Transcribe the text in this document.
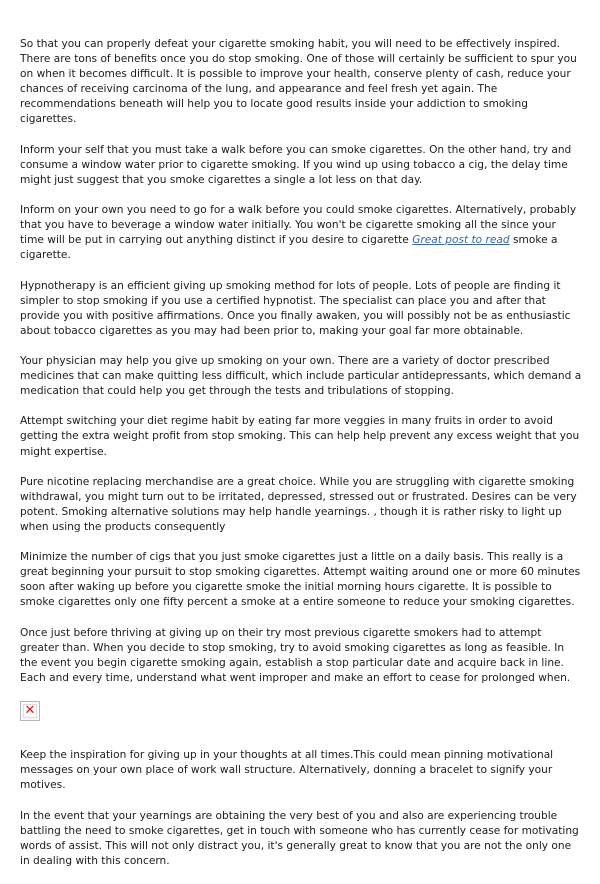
So that you can properly defeat your cigarette smoking habit, you will need to be effectively inspired. There are tons of benefits once you do stop smoking. One of those will certainly be sufficient to spur you on when it becomes difficult. It is possible to improve your health, conserve plenty of cash, reduce your chances of receiving carcinoma of the lung, and appearance and feel fresh yet again. The recommendations beneath will help you to locate good results inside your addiction to smoking cigarettes.

Inform your self that you must take a walk before you can smoke cigarettes. On the other hand, try and consume a window water prior to cigarette smoking. If you wind up using tobacco a cig, the delay time might just suggest that you smoke cigarettes a single a lot less on that day.

Inform on your own you need to go for a walk before you could smoke cigarettes. Alternatively, probably that you have to beverage a window water initially. You won't be cigarette smoking all the since your time will be put in carrying out anything distinct if you desire to cigarette Great post to read smoke a cigarette.

Hypnotherapy is an efficient giving up smoking method for lots of people. Lots of people are finding it simpler to stop smoking if you use a certified hypnotist. The specialist can place you and after that provide you with positive affirmations. Once you finally awaken, you will possibly not be as enthusiastic about tobacco cigarettes as you may had been prior to, making your goal far more obtainable.

Your physician may help you give up smoking on your own. There are a variety of doctor prescribed medicines that can make quitting less difficult, which include particular antidepressants, which demand a medication that could help you get through the tests and tribulations of stopping.

Attempt switching your diet regime habit by eating far more veggies in many fruits in order to avoid getting the extra weight profit from stop smoking. This can help help prevent any excess weight that you might expertise.

Pure nicotine replacing merchandise are a great choice. While you are struggling with cigarette smoking withdrawal, you might turn out to be irritated, depressed, stressed out or frustrated. Desires can be very potent. Smoking alternative solutions may help handle yearnings. , though it is rather risky to light up when using the products consequently

Minimize the number of cigs that you just smoke cigarettes just a little on a daily basis. This really is a great beginning your pursuit to stop smoking cigarettes. Attempt waiting around one or more 60 minutes soon after waking up before you cigarette smoke the initial morning hours cigarette. It is possible to smoke cigarettes only one fifty percent a smoke at a entire someone to reduce your smoking cigarettes.

Once just before thriving at giving up on their try most previous cigarette smokers had to attempt greater than. When you decide to stop smoking, try to avoid smoking cigarettes as long as feasible. In the event you begin cigarette smoking again, establish a stop particular date and acquire back in line. Each and every time, understand what went improper and make an effort to cease for prolonged when.

✕

Keep the inspiration for giving up in your thoughts at all times.This could mean pinning motivational messages on your own place of work wall structure. Alternatively, donning a bracelet to signify your motives.

In the event that your yearnings are obtaining the very best of you and also are experiencing trouble battling the need to smoke cigarettes, get in touch with someone who has currently cease for motivating words of assist. This will not only distract you, it's generally great to know that you are not the only one in dealing with this concern.
